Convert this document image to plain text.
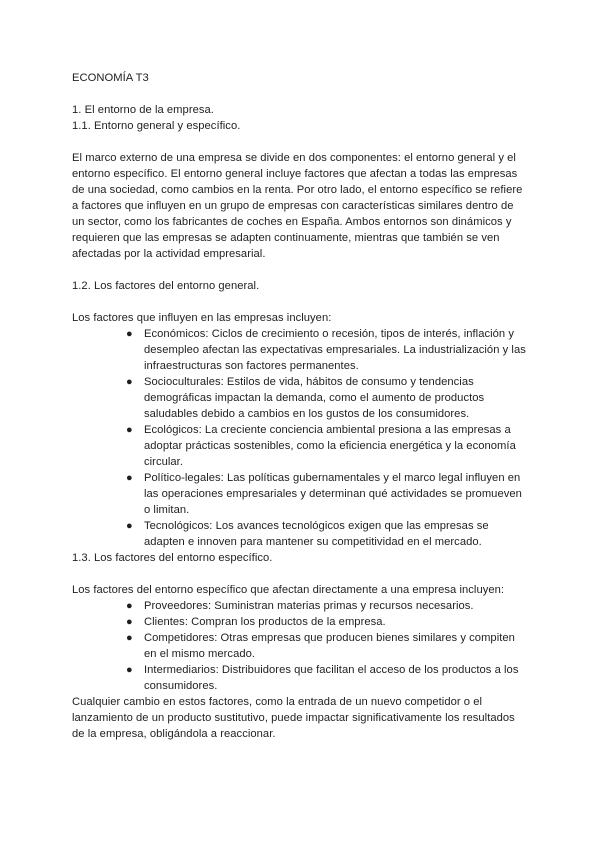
ECONOMÍA T3

1. El entorno de la empresa.

1.1. Entorno general y específico.

El marco externo de una empresa se divide en dos componentes: el entorno general y el entorno específico. El entorno general incluye factores que afectan a todas las empresas de una sociedad, como cambios en la renta. Por otro lado, el entorno específico se refiere a factores que influyen en un grupo de empresas con características similares dentro de un sector, como los fabricantes de coches en España. Ambos entornos son dinámicos y requieren que las empresas se adapten continuamente, mientras que también se ven afectadas por la actividad empresarial.

1.2. Los factores del entorno general.

Los factores que influyen en las empresas incluyen:

● Económicos: Ciclos de crecimiento o recesión, tipos de interés, inflación y desempleo afectan las expectativas empresariales. La industrialización y las infraestructuras son factores permanentes.
● Socioculturales: Estilos de vida, hábitos de consumo y tendencias demográficas impactan la demanda, como el aumento de productos saludables debido a cambios en los gustos de los consumidores.
● Ecológicos: La creciente conciencia ambiental presiona a las empresas a adoptar prácticas sostenibles, como la eficiencia energética y la economía circular.
● Político-legales: Las políticas gubernamentales y el marco legal influyen en las operaciones empresariales y determinan qué actividades se promueven o limitan.
● Tecnológicos: Los avances tecnológicos exigen que las empresas se adapten e innoven para mantener su competitividad en el mercado.

1.3. Los factores del entorno específico.

Los factores del entorno específico que afectan directamente a una empresa incluyen:

● Proveedores: Suministran materias primas y recursos necesarios.
● Clientes: Compran los productos de la empresa.
● Competidores: Otras empresas que producen bienes similares y compiten en el mismo mercado.
● Intermediarios: Distribuidores que facilitan el acceso de los productos a los consumidores.

Cualquier cambio en estos factores, como la entrada de un nuevo competidor o el lanzamiento de un producto sustitutivo, puede impactar significativamente los resultados de la empresa, obligándola a reaccionar.
